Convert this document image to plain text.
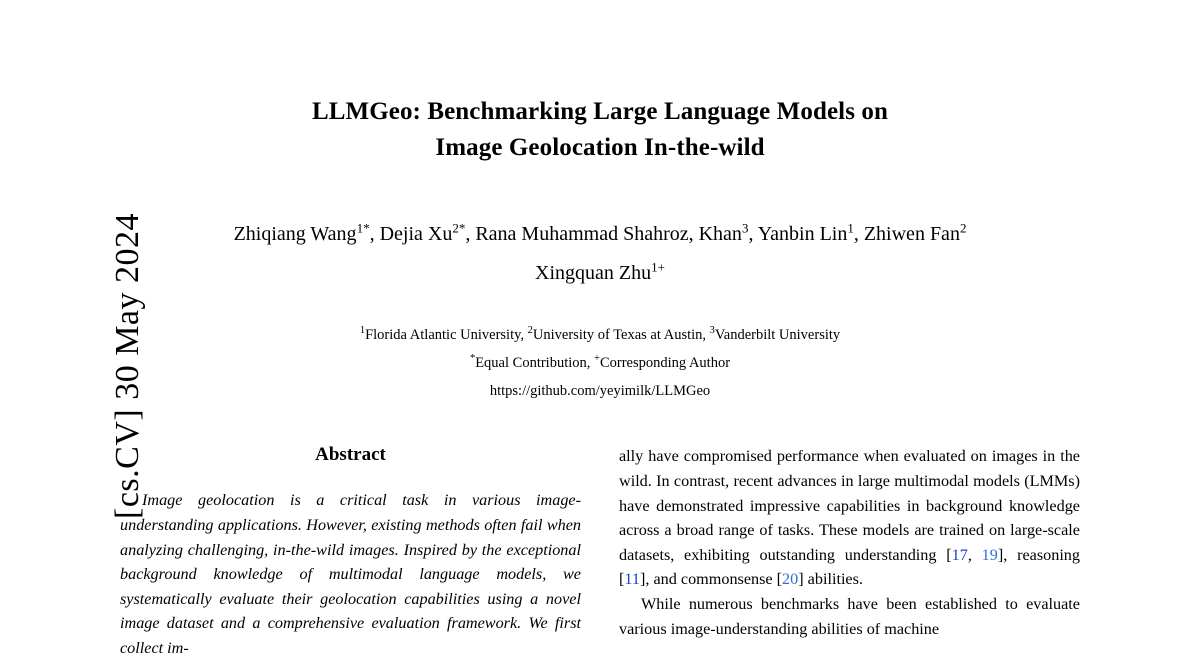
[cs.CV] 30 May 2024
LLMGeo: Benchmarking Large Language Models on
Image Geolocation In-the-wild
Zhiqiang Wang$^{1*}$, Dejia $Xu^{2*}$, Rana Muhammad Shahroz, Khan$^3$, Yanbin Lin$^1$, Zhiwen Fan$^2$
Xingquan Zhu$^{1+}$
$^1$Florida Atlantic University, $^2$University of Texas at Austin, $^3$Vanderbilt University
*Equal Contribution, +Corresponding Author
https://github.com/yeyimilk/LLMGeo
Abstract
Image geolocation is a critical task in various image-understanding applications. However, existing methods often fail when analyzing challenging, in-the-wild images. Inspired by the exceptional background knowledge of multimodal language models, we systematically evaluate their geolocation capabilities using a novel image dataset and a comprehensive evaluation framework. We first collect im-
ally have compromised performance when evaluated on images in the wild. In contrast, recent advances in large multimodal models (LMMs) have demonstrated impressive capabilities in background knowledge across a broad range of tasks. These models are trained on large-scale datasets, exhibiting outstanding understanding [17, 19], reasoning [11], and commonsense [20] abilities.
While numerous benchmarks have been established to evaluate various image-understanding abilities of machine
